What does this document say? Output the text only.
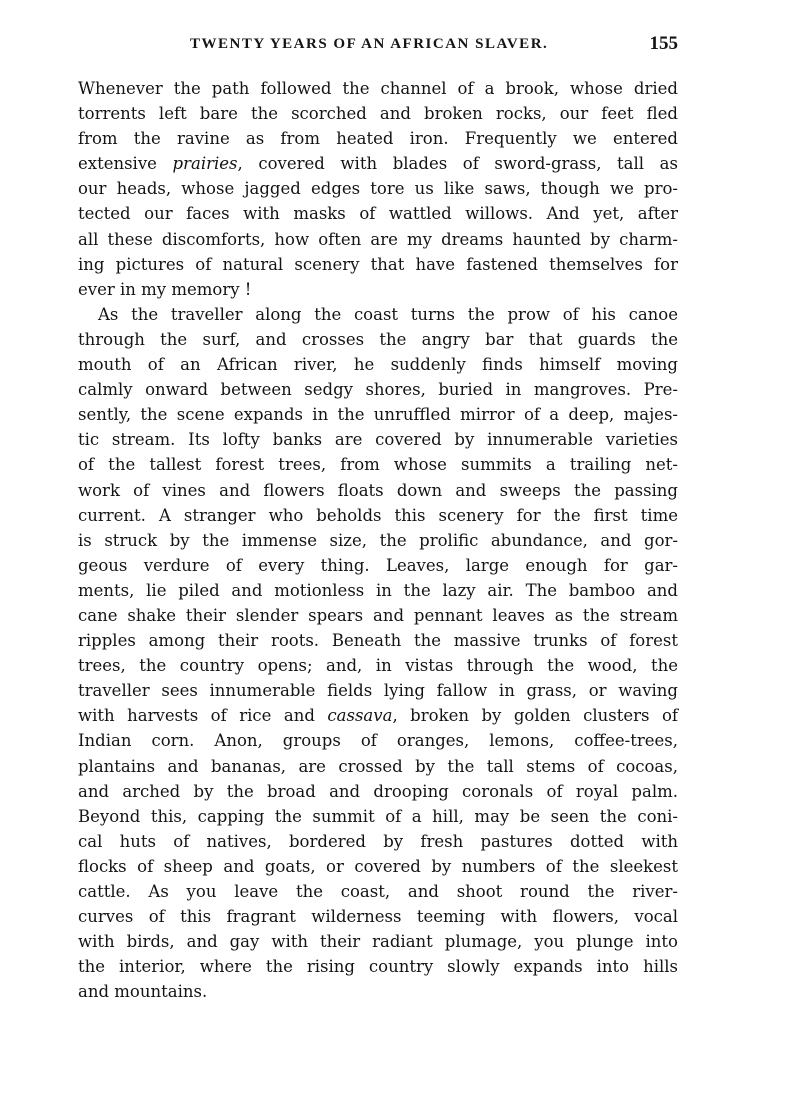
TWENTY YEARS OF AN AFRICAN SLAVER.	155
Whenever the path followed the channel of a brook, whose dried
torrents left bare the scorched and broken rocks, our feet fled
from the ravine as from heated iron. Frequently we entered
extensive prairies, covered with blades of sword-grass, tall as
our heads, whose jagged edges tore us like saws, though we pro-
tected our faces with masks of wattled willows. And yet, after
all these discomforts, how often are my dreams haunted by charm-
ing pictures of natural scenery that have fastened themselves for
ever in my memory !
As the traveller along the coast turns the prow of his canoe
through the surf, and crosses the angry bar that guards the
mouth of an African river, he suddenly finds himself moving
calmly onward between sedgy shores, buried in mangroves. Pre-
sently, the scene expands in the unruffled mirror of a deep, majes-
tic stream. Its lofty banks are covered by innumerable varieties
of the tallest forest trees, from whose summits a trailing net-
work of vines and flowers floats down and sweeps the passing
current. A stranger who beholds this scenery for the first time
is struck by the immense size, the prolific abundance, and gor-
geous verdure of every thing. Leaves, large enough for gar-
ments, lie piled and motionless in the lazy air. The bamboo and
cane shake their slender spears and pennant leaves as the stream
ripples among their roots. Beneath the massive trunks of forest
trees, the country opens; and, in vistas through the wood, the
traveller sees innumerable fields lying fallow in grass, or waving
with harvests of rice and cassava, broken by golden clusters of
Indian corn. Anon, groups of oranges, lemons, coffee-trees,
plantains and bananas, are crossed by the tall stems of cocoas,
and arched by the broad and drooping coronals of royal palm.
Beyond this, capping the summit of a hill, may be seen the coni-
cal huts of natives, bordered by fresh pastures dotted with
flocks of sheep and goats, or covered by numbers of the sleekest
cattle. As you leave the coast, and shoot round the river-
curves of this fragrant wilderness teeming with flowers, vocal
with birds, and gay with their radiant plumage, you plunge into
the interior, where the rising country slowly expands into hills
and mountains.
